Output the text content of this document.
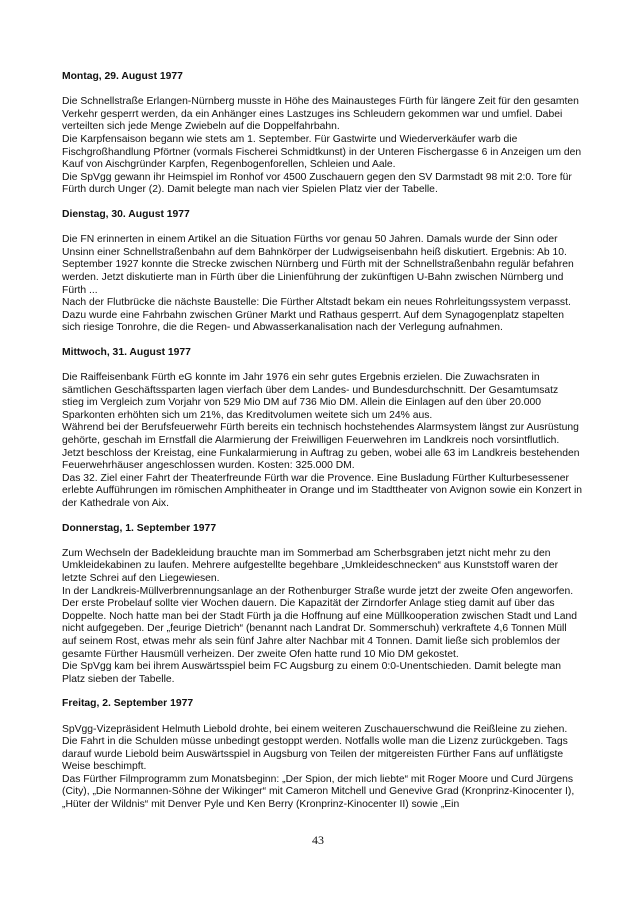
Montag, 29. August 1977

Die Schnellstraße Erlangen-Nürnberg musste in Höhe des Mainausteges Fürth für längere Zeit für den gesamten Verkehr gesperrt werden, da ein Anhänger eines Lastzuges ins Schleudern gekommen war und umfiel. Dabei verteilten sich jede Menge Zwiebeln auf die Doppelfahrbahn.

Die Karpfensaison begann wie stets am 1. September. Für Gastwirte und Wiederverkäufer warb die Fischgroßhandlung Pförtner (vormals Fischerei Schmidtkunst) in der Unteren Fischergasse 6 in Anzeigen um den Kauf von Aischgründer Karpfen, Regenbogenforellen, Schleien und Aale.

Die SpVgg gewann ihr Heimspiel im Ronhof vor 4500 Zuschauern gegen den SV Darmstadt 98 mit 2:0. Tore für Fürth durch Unger (2). Damit belegte man nach vier Spielen Platz vier der Tabelle.

Dienstag, 30. August 1977

Die FN erinnerten in einem Artikel an die Situation Fürths vor genau 50 Jahren. Damals wurde der Sinn oder Unsinn einer Schnellstraßenbahn auf dem Bahnkörper der Ludwigseisenbahn heiß diskutiert. Ergebnis: Ab 10. September 1927 konnte die Strecke zwischen Nürnberg und Fürth mit der Schnellstraßenbahn regulär befahren werden. Jetzt diskutierte man in Fürth über die Linienführung der zukünftigen U-Bahn zwischen Nürnberg und Fürth ...

Nach der Flutbrücke die nächste Baustelle: Die Fürther Altstadt bekam ein neues Rohrleitungssystem verpasst. Dazu wurde eine Fahrbahn zwischen Grüner Markt und Rathaus gesperrt. Auf dem Synagogenplatz stapelten sich riesige Tonrohre, die die Regen- und Abwasserkanalisation nach der Verlegung aufnahmen.

Mittwoch, 31. August 1977

Die Raiffeisenbank Fürth eG konnte im Jahr 1976 ein sehr gutes Ergebnis erzielen. Die Zuwachsraten in sämtlichen Geschäftssparten lagen vierfach über dem Landes- und Bundesdurchschnitt. Der Gesamtumsatz stieg im Vergleich zum Vorjahr von 529 Mio DM auf 736 Mio DM. Allein die Einlagen auf den über 20.000 Sparkonten erhöhten sich um 21%, das Kreditvolumen weitete sich um 24% aus.

Während bei der Berufsfeuerwehr Fürth bereits ein technisch hochstehendes Alarmsystem längst zur Ausrüstung gehörte, geschah im Ernstfall die Alarmierung der Freiwilligen Feuerwehren im Landkreis noch vorsintflutlich. Jetzt beschloss der Kreistag, eine Funkalarmierung in Auftrag zu geben, wobei alle 63 im Landkreis bestehenden Feuerwehrhäuser angeschlossen wurden. Kosten: 325.000 DM.

Das 32. Ziel einer Fahrt der Theaterfreunde Fürth war die Provence. Eine Busladung Fürther Kulturbesessener erlebte Aufführungen im römischen Amphitheater in Orange und im Stadttheater von Avignon sowie ein Konzert in der Kathedrale von Aix.

Donnerstag, 1. September 1977

Zum Wechseln der Badekleidung brauchte man im Sommerbad am Scherbsgraben jetzt nicht mehr zu den Umkleidekabinen zu laufen. Mehrere aufgestellte begehbare „Umkleideschnecken“ aus Kunststoff waren der letzte Schrei auf den Liegewiesen.

In der Landkreis-Müllverbrennungsanlage an der Rothenburger Straße wurde jetzt der zweite Ofen angeworfen. Der erste Probelauf sollte vier Wochen dauern. Die Kapazität der Zirndorfer Anlage stieg damit auf über das Doppelte. Noch hatte man bei der Stadt Fürth ja die Hoffnung auf eine Müllkooperation zwischen Stadt und Land nicht aufgegeben. Der „feurige Dietrich“ (benannt nach Landrat Dr. Sommerschuh) verkraftete 4,6 Tonnen Müll auf seinem Rost, etwas mehr als sein fünf Jahre alter Nachbar mit 4 Tonnen. Damit ließe sich problemlos der gesamte Fürther Hausmüll verheizen. Der zweite Ofen hatte rund 10 Mio DM gekostet.

Die SpVgg kam bei ihrem Auswärtsspiel beim FC Augsburg zu einem 0:0-Unentschieden. Damit belegte man Platz sieben der Tabelle.

Freitag, 2. September 1977

SpVgg-Vizepräsident Helmuth Liebold drohte, bei einem weiteren Zuschauerschwund die Reißleine zu ziehen. Die Fahrt in die Schulden müsse unbedingt gestoppt werden. Notfalls wolle man die Lizenz zurückgeben. Tags darauf wurde Liebold beim Auswärtsspiel in Augsburg von Teilen der mitgereisten Fürther Fans auf unflätigste Weise beschimpft.

Das Fürther Filmprogramm zum Monatsbeginn: „Der Spion, der mich liebte“ mit Roger Moore und Curd Jürgens (City), „Die Normannen-Söhne der Wikinger“ mit Cameron Mitchell und Genevive Grad (Kronprinz-Kinocenter I), „Hüter der Wildnis“ mit Denver Pyle und Ken Berry (Kronprinz-Kinocenter II) sowie „Ein

43
